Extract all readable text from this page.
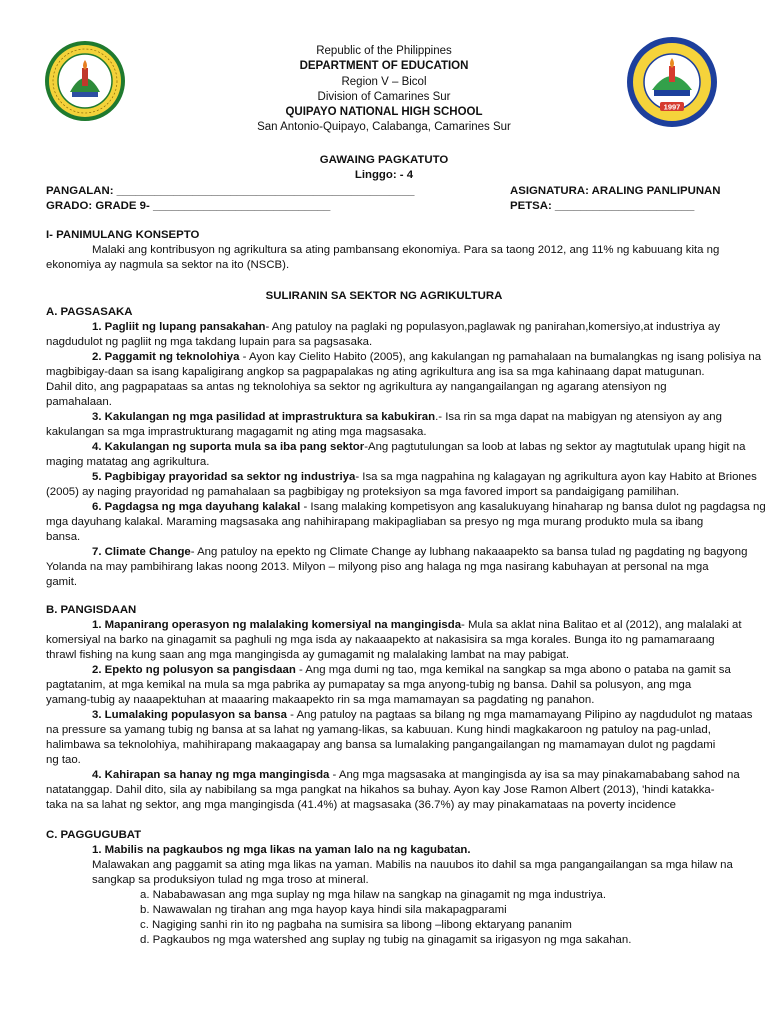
1997
Republic of the Philippines
DEPARTMENT OF EDUCATION
Region V – Bicol
Division of Camarines Sur
QUIPAYO NATIONAL HIGH SCHOOL
San Antonio-Quipayo, Calabanga, Camarines Sur
GAWAING PAGKATUTO
Linggo: - 4
PANGALAN: _______________________________________________	ASIGNATURA: ARALING PANLIPUNAN
GRADO: GRADE 9- ____________________________	PETSA: ______________________
I- PANIMULANG KONSEPTO
Malaki ang kontribusyon ng agrikultura sa ating pambansang ekonomiya. Para sa taong 2012, ang 11% ng kabuuang kita ng
ekonomiya ay nagmula sa sektor na ito (NSCB).
SULIRANIN SA SEKTOR NG AGRIKULTURA
A. PAGSASAKA
1. Pagliit ng lupang pansakahan- Ang patuloy na paglaki ng populasyon,paglawak ng panirahan,komersiyo,at industriya ay
nagdudulot ng pagliit ng mga takdang lupain para sa pagsasaka.
2. Paggamit ng teknolohiya - Ayon kay Cielito Habito (2005), ang kakulangan ng pamahalaan na bumalangkas ng isang polisiya na
magbibigay-daan sa isang kapaligirang angkop sa pagpapalakas ng ating agrikultura ang isa sa mga kahinaang dapat matugunan.
Dahil dito, ang pagpapataas sa antas ng teknolohiya sa sektor ng agrikultura ay nangangailangan ng agarang atensiyon ng
pamahalaan.
3. Kakulangan ng mga pasilidad at imprastruktura sa kabukiran.- Isa rin sa mga dapat na mabigyan ng atensiyon ay ang
kakulangan sa mga imprastrukturang magagamit ng ating mga magsasaka.
4. Kakulangan ng suporta mula sa iba pang sektor-Ang pagtutulungan sa loob at labas ng sektor ay magtutulak upang higit na
maging matatag ang agrikultura.
5. Pagbibigay prayoridad sa sektor ng industriya- Isa sa mga nagpahina ng kalagayan ng agrikultura ayon kay Habito at Briones
(2005) ay naging prayoridad ng pamahalaan sa pagbibigay ng proteksiyon sa mga favored import sa pandaigigang pamilihan.
6. Pagdagsa ng mga dayuhang kalakal - Isang malaking kompetisyon ang kasalukuyang hinaharap ng bansa dulot ng pagdagsa ng
mga dayuhang kalakal. Maraming magsasaka ang nahihirapang makipagliaban sa presyo ng mga murang produkto mula sa ibang
bansa.
7. Climate Change- Ang patuloy na epekto ng Climate Change ay lubhang nakaaapekto sa bansa tulad ng pagdating ng bagyong
Yolanda na may pambihirang lakas noong 2013. Milyon – milyong piso ang halaga ng mga nasirang kabuhayan at personal na mga
gamit.
B. PANGISDAAN
1. Mapanirang operasyon ng malalaking komersiyal na mangingisda- Mula sa aklat nina Balitao et al (2012), ang malalaki at
komersiyal na barko na ginagamit sa paghuli ng mga isda ay nakaaapekto at nakasisira sa mga korales. Bunga ito ng pamamaraang
thrawl fishing na kung saan ang mga mangingisda ay gumagamit ng malalaking lambat na may pabigat.
2. Epekto ng polusyon sa pangisdaan - Ang mga dumi ng tao, mga kemikal na sangkap sa mga abono o pataba na gamit sa
pagtatanim, at mga kemikal na mula sa mga pabrika ay pumapatay sa mga anyong-tubig ng bansa. Dahil sa polusyon, ang mga
yamang-tubig ay naaapektuhan at maaaring makaapekto rin sa mga mamamayan sa pagdating ng panahon.
3. Lumalaking populasyon sa bansa - Ang patuloy na pagtaas sa bilang ng mga mamamayang Pilipino ay nagdudulot ng mataas
na pressure sa yamang tubig ng bansa at sa lahat ng yamang-likas, sa kabuuan. Kung hindi magkakaroon ng patuloy na pag-unlad,
halimbawa sa teknolohiya, mahihirapang makaagapay ang bansa sa lumalaking pangangailangan ng mamamayan dulot ng pagdami
ng tao.
4. Kahirapan sa hanay ng mga mangingisda - Ang mga magsasaka at mangingisda ay isa sa may pinakamababang sahod na
natatanggap. Dahil dito, sila ay nabibilang sa mga pangkat na hikahos sa buhay. Ayon kay Jose Ramon Albert (2013), 'hindi katakka-
taka na sa lahat ng sektor, ang mga mangingisda (41.4%) at magsasaka (36.7%) ay may pinakamataas na poverty incidence
C. PAGGUGUBAT
1. Mabilis na pagkaubos ng mga likas na yaman lalo na ng kagubatan.
Malawakan ang paggamit sa ating mga likas na yaman. Mabilis na nauubos ito dahil sa mga pangangailangan sa mga hilaw na
sangkap sa produksiyon tulad ng mga troso at mineral.
a. Nababawasan ang mga suplay ng mga hilaw na sangkap na ginagamit ng mga industriya.
b. Nawawalan ng tirahan ang mga hayop kaya hindi sila makapagparami
c. Nagiging sanhi rin ito ng pagbaha na sumisira sa libong –libong ektaryang pananim
d. Pagkaubos ng mga watershed ang suplay ng tubig na ginagamit sa irigasyon ng mga sakahan.
